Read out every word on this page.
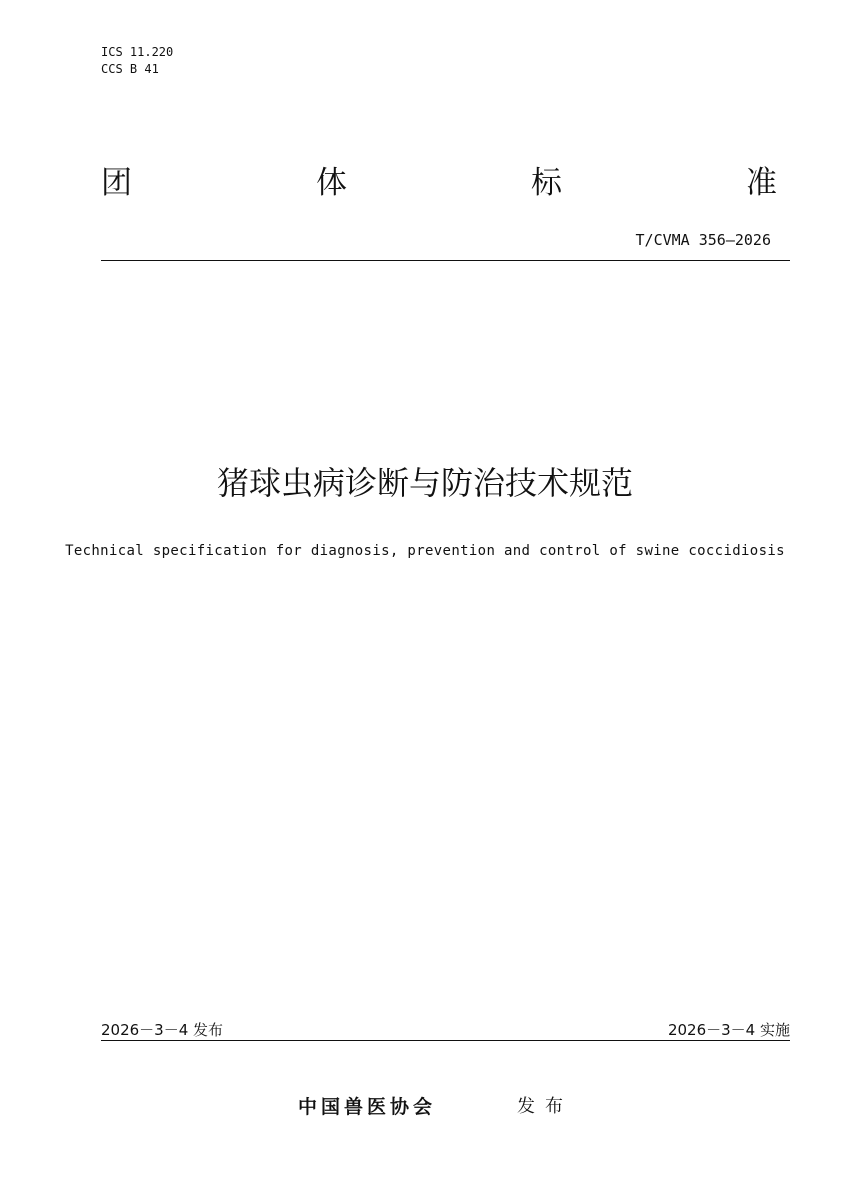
ICS 11.220
CCS B 41
团	体	标	准
T/CVMA 356—2026
猪球虫病诊断与防治技术规范
Technical specification for diagnosis, prevention and control of swine coccidiosis
2026－3－4 发布	2026－3－4 实施
中国兽医协会	发布
